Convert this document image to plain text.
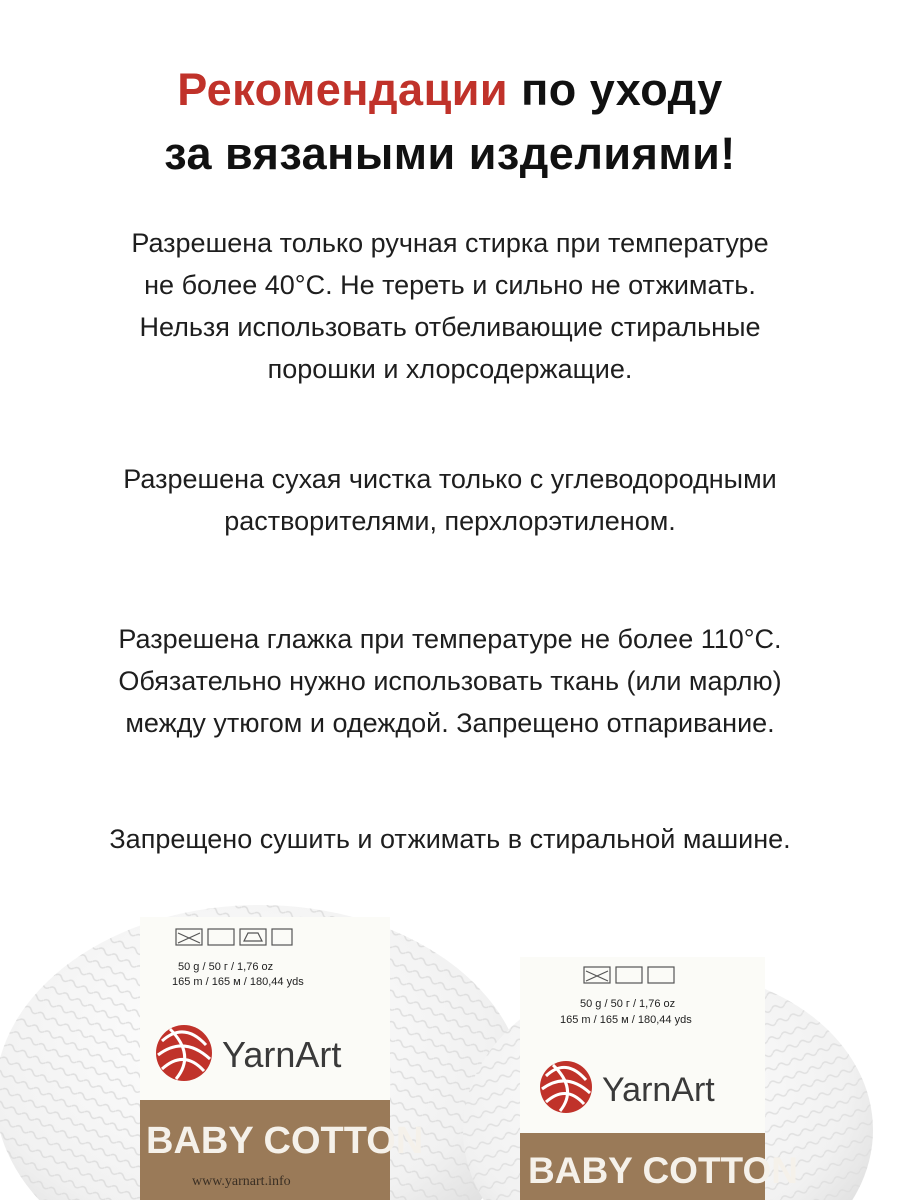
Рекомендации по уходу
за вязаными изделиями!
Разрешена только ручная стирка при температуре
не более 40°С. Не тереть и сильно не отжимать.
Нельзя использовать отбеливающие стиральные
порошки и хлорсодержащие.
Разрешена сухая чистка только с углеводородными
растворителями, перхлорэтиленом.
Разрешена глажка при температуре не более 110°С.
Обязательно нужно использовать ткань (или марлю)
между утюгом и одеждой. Запрещено отпаривание.
Запрещено сушить и отжимать в стиральной машине.
50 g / 50 г / 1,76 oz
165 m / 165 м / 180,44 yds
YarnArt
BABY COTTON
www.yarnart.info
50 g / 50 г / 1,76 oz
165 m / 165 м / 180,44 yds
YarnArt
BABY COTTON
